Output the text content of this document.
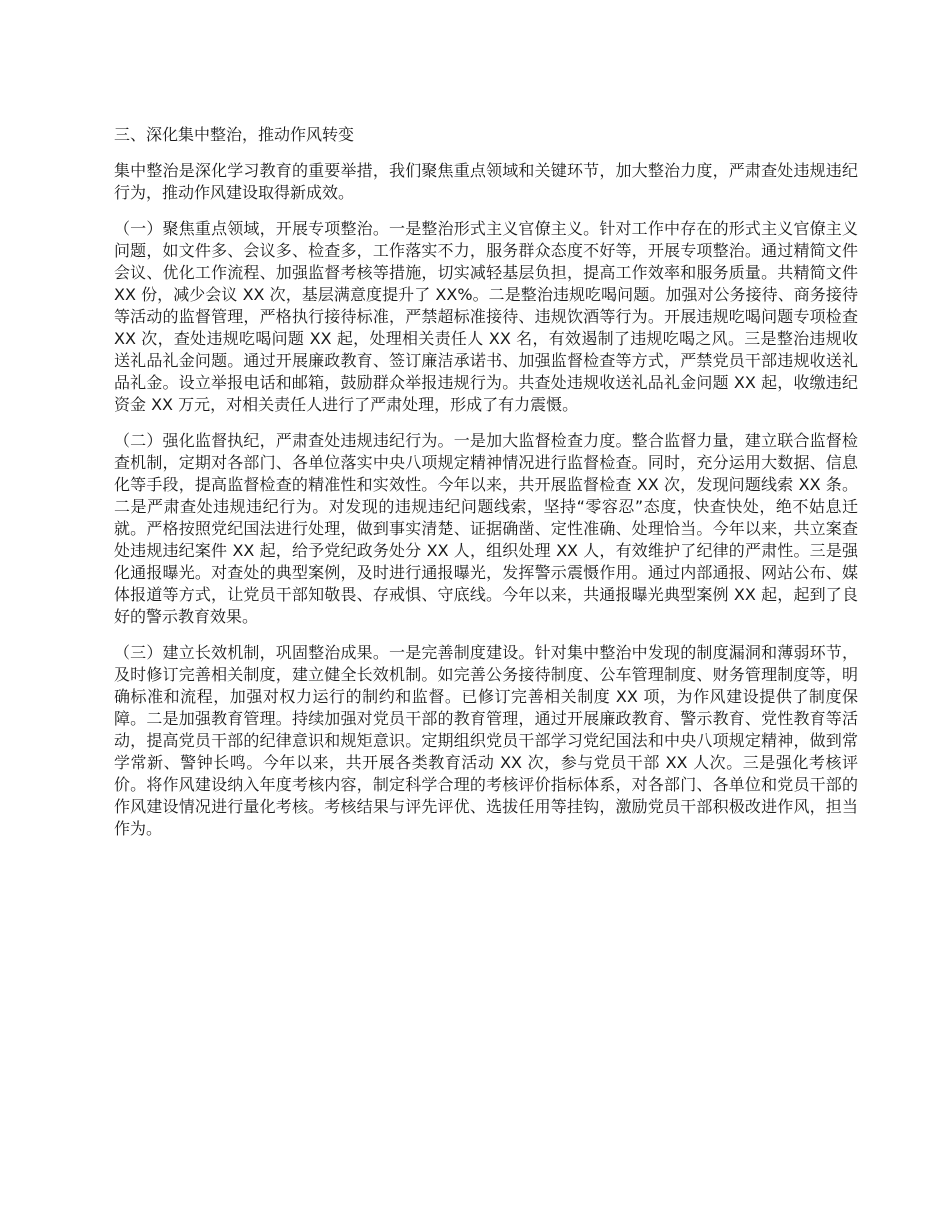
三、深化集中整治，推动作风转变

集中整治是深化学习教育的重要举措，我们聚焦重点领域和关键环节，加大整治力度，严肃查处违规违纪行为，推动作风建设取得新成效。

（一）聚焦重点领域，开展专项整治。一是整治形式主义官僚主义。针对工作中存在的形式主义官僚主义问题，如文件多、会议多、检查多，工作落实不力，服务群众态度不好等，开展专项整治。通过精简文件会议、优化工作流程、加强监督考核等措施，切实减轻基层负担，提高工作效率和服务质量。共精简文件 XX 份，减少会议 XX 次，基层满意度提升了 XX%。二是整治违规吃喝问题。加强对公务接待、商务接待等活动的监督管理，严格执行接待标准，严禁超标准接待、违规饮酒等行为。开展违规吃喝问题专项检查 XX 次，查处违规吃喝问题 XX 起，处理相关责任人 XX 名，有效遏制了违规吃喝之风。三是整治违规收送礼品礼金问题。通过开展廉政教育、签订廉洁承诺书、加强监督检查等方式，严禁党员干部违规收送礼品礼金。设立举报电话和邮箱，鼓励群众举报违规行为。共查处违规收送礼品礼金问题 XX 起，收缴违纪资金 XX 万元，对相关责任人进行了严肃处理，形成了有力震慑。

（二）强化监督执纪，严肃查处违规违纪行为。一是加大监督检查力度。整合监督力量，建立联合监督检查机制，定期对各部门、各单位落实中央八项规定精神情况进行监督检查。同时，充分运用大数据、信息化等手段，提高监督检查的精准性和实效性。今年以来，共开展监督检查 XX 次，发现问题线索 XX 条。二是严肃查处违规违纪行为。对发现的违规违纪问题线索，坚持“零容忍”态度，快查快处，绝不姑息迁就。严格按照党纪国法进行处理，做到事实清楚、证据确凿、定性准确、处理恰当。今年以来，共立案查处违规违纪案件 XX 起，给予党纪政务处分 XX 人，组织处理 XX 人，有效维护了纪律的严肃性。三是强化通报曝光。对查处的典型案例，及时进行通报曝光，发挥警示震慑作用。通过内部通报、网站公布、媒体报道等方式，让党员干部知敬畏、存戒惧、守底线。今年以来，共通报曝光典型案例 XX 起，起到了良好的警示教育效果。

（三）建立长效机制，巩固整治成果。一是完善制度建设。针对集中整治中发现的制度漏洞和薄弱环节，及时修订完善相关制度，建立健全长效机制。如完善公务接待制度、公车管理制度、财务管理制度等，明确标准和流程，加强对权力运行的制约和监督。已修订完善相关制度 XX 项，为作风建设提供了制度保障。二是加强教育管理。持续加强对党员干部的教育管理，通过开展廉政教育、警示教育、党性教育等活动，提高党员干部的纪律意识和规矩意识。定期组织党员干部学习党纪国法和中央八项规定精神，做到常学常新、警钟长鸣。今年以来，共开展各类教育活动 XX 次，参与党员干部 XX 人次。三是强化考核评价。将作风建设纳入年度考核内容，制定科学合理的考核评价指标体系，对各部门、各单位和党员干部的作风建设情况进行量化考核。考核结果与评先评优、选拔任用等挂钩，激励党员干部积极改进作风，担当作为。
